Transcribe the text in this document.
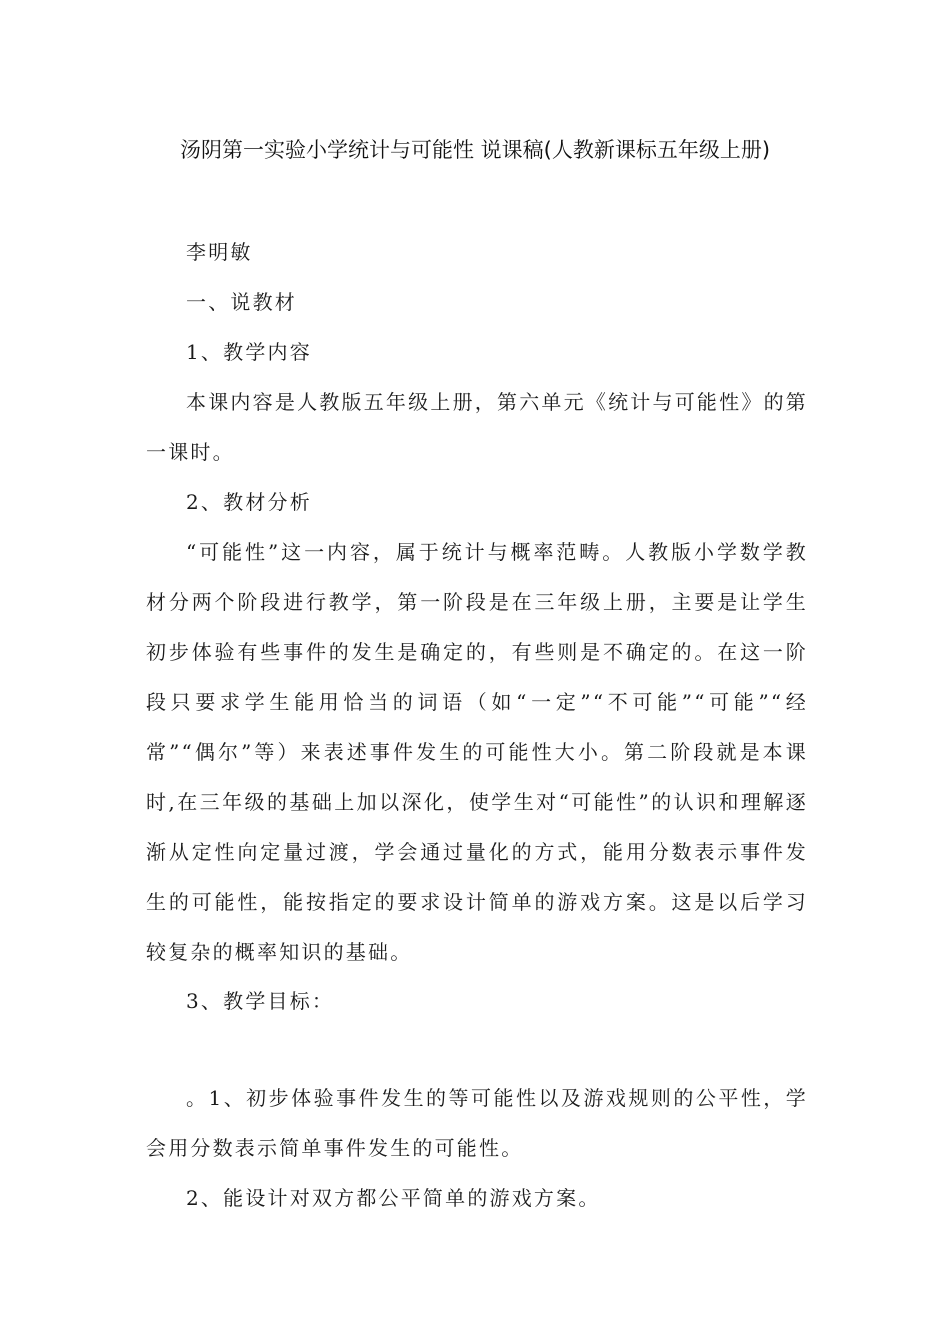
汤阴第一实验小学统计与可能性 说课稿(人教新课标五年级上册)

李明敏

一、说教材

1、教学内容

本课内容是人教版五年级上册，第六单元《统计与可能性》的第一课时。

2、教材分析

“可能性”这一内容，属于统计与概率范畴。人教版小学数学教材分两个阶段进行教学，第一阶段是在三年级上册，主要是让学生初步体验有些事件的发生是确定的，有些则是不确定的。在这一阶段只要求学生能用恰当的词语（如“一定”“不可能”“可能”“经常”“偶尔”等）来表述事件发生的可能性大小。第二阶段就是本课时,在三年级的基础上加以深化，使学生对“可能性”的认识和理解逐渐从定性向定量过渡，学会通过量化的方式，能用分数表示事件发生的可能性，能按指定的要求设计简单的游戏方案。这是以后学习较复杂的概率知识的基础。

3、教学目标：

。1、初步体验事件发生的等可能性以及游戏规则的公平性，学会用分数表示简单事件发生的可能性。

2、能设计对双方都公平简单的游戏方案。
